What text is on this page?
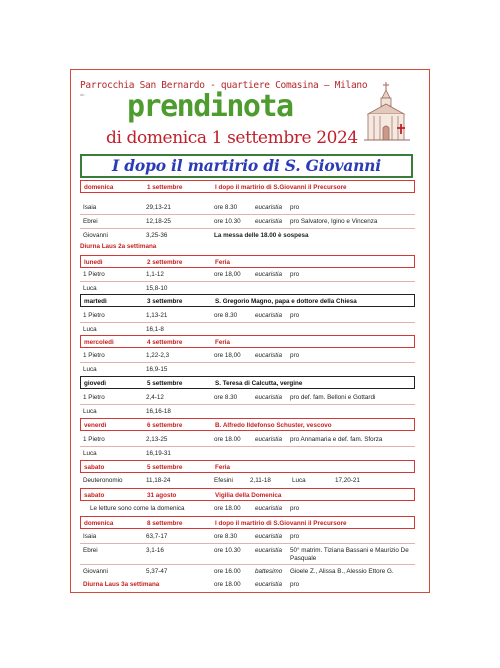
Parrocchia San Bernardo - quartiere Comasina – Milano
ab prendinota
di domenica 1 settembre 2024
I dopo il martirio di S. Giovanni
domenica	1 settembre	I dopo il martirio di S.Giovanni il Precursore
Isaia	29,13-21	ore 8.30	eucaristia pro
Ebrei	12,18-25	ore 10.30 eucaristia pro Salvatore, Igino e Vincenza
Giovanni	3,25-36	La messa delle 18.00 è sospesa
Diurna Laus 2a settimana
lunedì	2 settembre	Feria
1 Pietro	1,1-12	ore 18,00 eucaristia pro
Luca	15,8-10
martedì	3 settembre	S. Gregorio Magno, papa e dottore della Chiesa
1 Pietro	1,13-21	ore 8.30	eucaristia pro
Luca	16,1-8
mercoledì	4 settembre	Feria
1 Pietro	1,22-2,3	ore 18,00 eucaristia pro
Luca	16,9-15
giovedì	5 settembre	S. Teresa di Calcutta, vergine
1 Pietro	2,4-12	ore 8.30	eucaristia pro def. fam. Belloni e Gottardi
Luca	16,16-18
venerdì	6 settembre	B. Alfredo Ildefonso Schuster, vescovo
1 Pietro	2,13-25	ore 18.00 eucaristia pro Annamaria e def. fam. Sforza
Luca	16,19-31
sabato	5 settembre	Feria
Deuteronomio	11,18-24	Efesini	2,11-18	Luca	17,20-21
sabato	31 agosto	Vigilia della Domenica
Le letture sono come la domenica	ore 18.00 eucaristia pro
domenica	8 settembre	I dopo il martirio di S.Giovanni il Precursore
Isaia	63,7-17	ore 8.30	eucaristia pro
Ebrei	3,1-16	ore 10.30 eucaristia 50° matrim. Tiziana Bassani e Maurizio De Pasquale
Giovanni	5,37-47	ore 16.00 battesimo Gioele Z., Alissa B., Alessio Ettore G.
Diurna Laus 3a settimana	ore 18.00 eucaristia pro
